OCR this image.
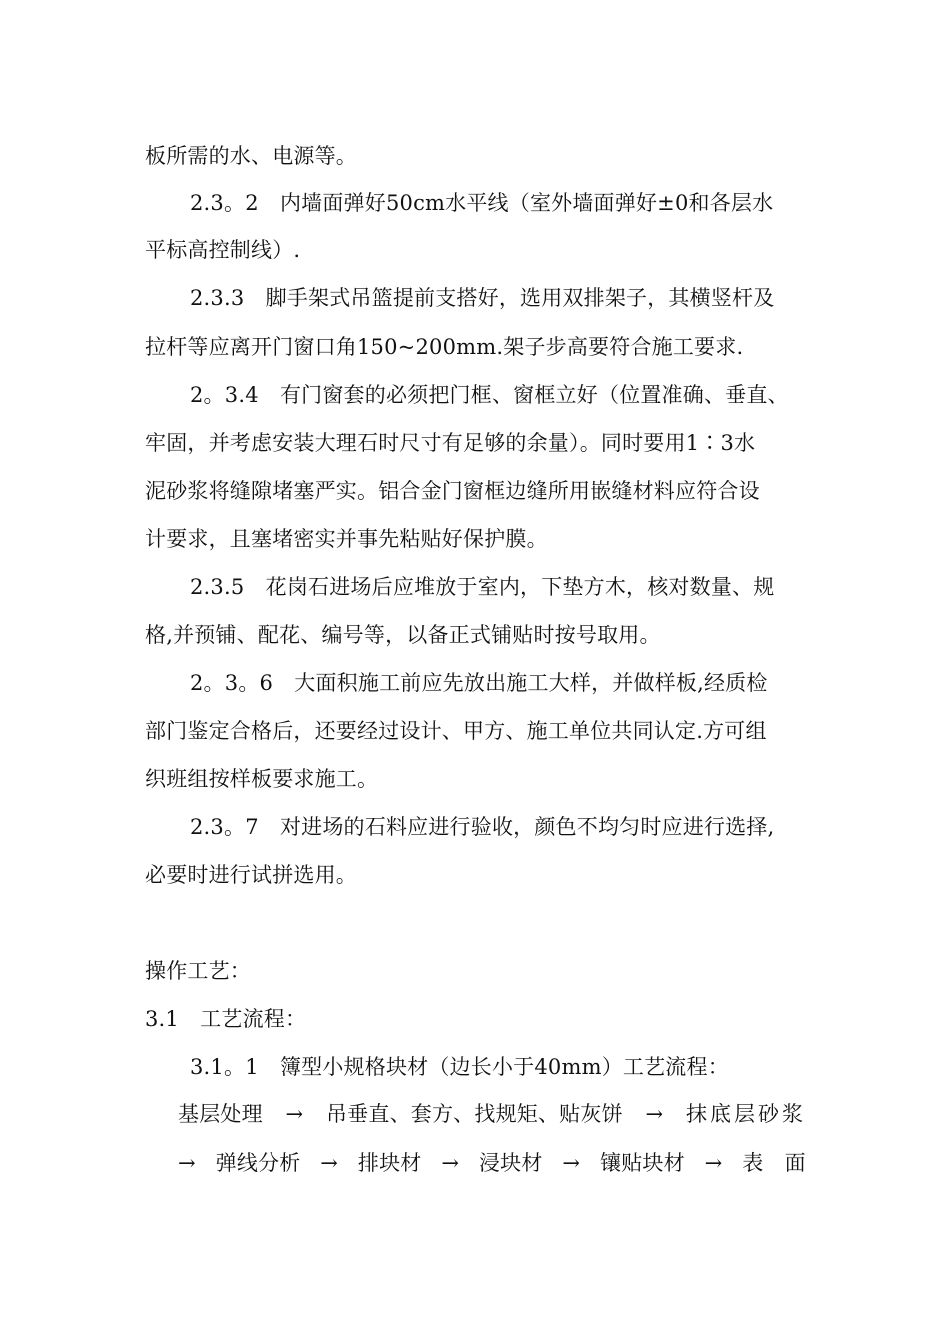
板所需的水、电源等。
2.3。2　内墙面弹好50cm水平线（室外墙面弹好±0和各层水
平标高控制线）.
2.3.3　脚手架式吊篮提前支搭好，选用双排架子，其横竖杆及
拉杆等应离开门窗口角150~200mm.架子步高要符合施工要求.
2。3.4　有门窗套的必须把门框、窗框立好（位置准确、垂直、
牢固，并考虑安装大理石时尺寸有足够的余量）。同时要用1∶3水
泥砂浆将缝隙堵塞严实。铝合金门窗框边缝所用嵌缝材料应符合设
计要求，且塞堵密实并事先粘贴好保护膜。
2.3.5　花岗石进场后应堆放于室内，下垫方木，核对数量、规
格,并预铺、配花、编号等，以备正式铺贴时按号取用。
2。3。6　大面积施工前应先放出施工大样，并做样板,经质检
部门鉴定合格后，还要经过设计、甲方、施工单位共同认定.方可组
织班组按样板要求施工。
2.3。7　对进场的石料应进行验收，颜色不均匀时应进行选择,
必要时进行试拼选用。
操作工艺：
3.1　工艺流程：
3.1。1　簿型小规格块材（边长小于40mm）工艺流程：
基层处理 → 吊垂直、套方、找规矩、贴灰饼 → 抹底层砂浆
→ 弹线分析 → 排块材 → 浸块材 → 镶贴块材 → 表　面
